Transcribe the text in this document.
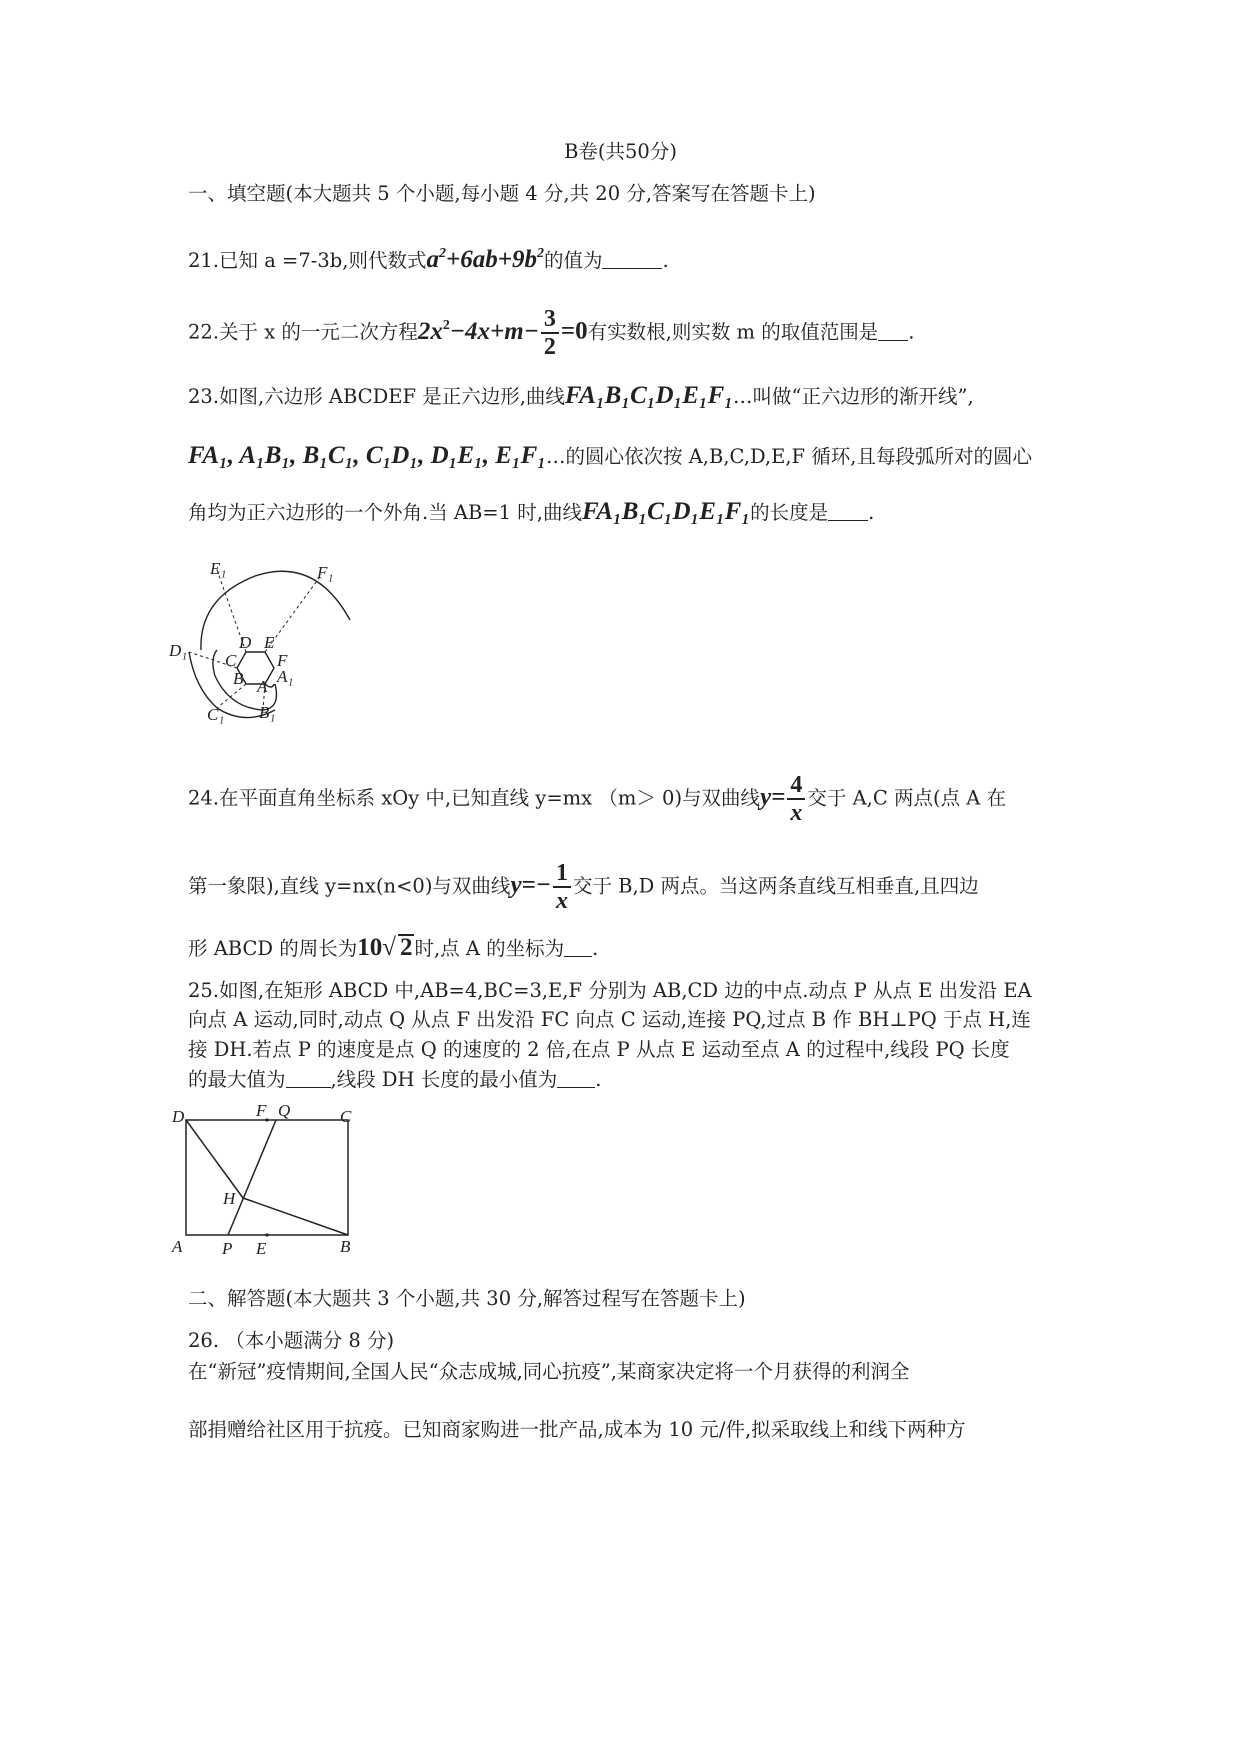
B卷(共50分)
一、填空题(本大题共 5 个小题,每小题 4 分,共 20 分,答案写在答题卡上)
21.已知 a =7-3b,则代数式$a^2+6ab+9b^2$的值为	.
22.关于 x 的一元二次方程$2x^2-4x+m- \frac{3}{2} =0$有实数根,则实数 m 的取值范围是 .
23.如图,六边形 ABCDEF 是正六边形,曲线FA₁B₁C₁D₁E₁F₁…叫做“正六边形的渐开线”,
FA₁, A₁B₁, B₁C₁, C₁D₁, D₁E₁, E₁F₁…的圆心依次按 A,B,C,D,E,F 循环,且每段弧所对的圆心
角均为正六边形的一个外角.当 AB=1 时,曲线FA₁B₁C₁D₁E₁F₁的长度是 .
E₁	F₁
D₁	D E
C F
B A
A₁
C₁ B₁
24.在平面直角坐标系 xOy 中,已知直线 y=mx （m＞ 0)与双曲线$y= \frac{4}{x}$ 交于 A,C 两点(点 A 在
第一象限),直线 y=nx(n<0)与双曲线$y=- \frac{1}{x}$ 交于 B,D 两点。当这两条直线互相垂直,且四边
形 ABCD 的周长为10√ 2 时,点 A 的坐标为 .
25.如图,在矩形 ABCD 中,AB=4,BC=3,E,F 分别为 AB,CD 边的中点.动点 P 从点 E 出发沿 EA
向点 A 运动,同时,动点 Q 从点 F 出发沿 FC 向点 C 运动,连接 PQ,过点 B 作 BH⊥PQ 于点 H,连
接 DH.若点 P 的速度是点 Q 的速度的 2 倍,在点 P 从点 E 运动至点 A 的过程中,线段 PQ 长度
的最大值为 ,线段 DH 长度的最小值为 .
D	F Q	C
H
A P E	B
二、解答题(本大题共 3 个小题,共 30 分,解答过程写在答题卡上)
26. （本小题满分 8 分)
在“新冠”疫情期间,全国人民“众志成城,同心抗疫”,某商家决定将一个月获得的利润全
部捐赠给社区用于抗疫。已知商家购进一批产品,成本为 10 元/件,拟采取线上和线下两种方
